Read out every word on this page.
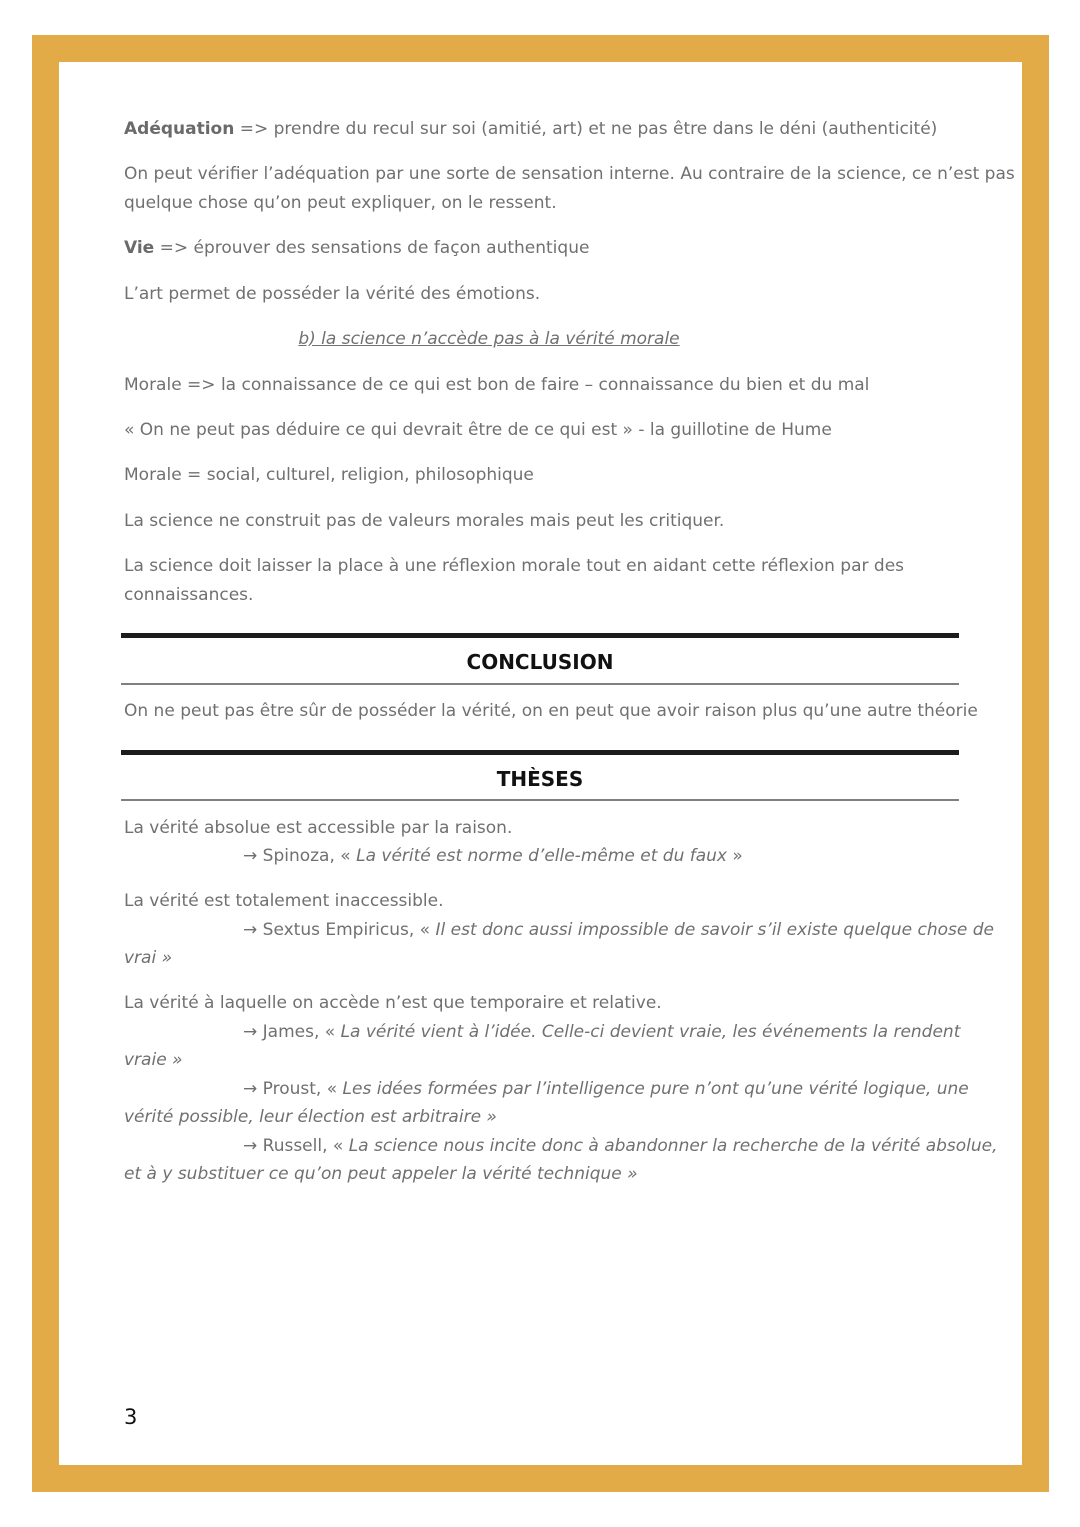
Adéquation => prendre du recul sur soi (amitié, art) et ne pas être dans le déni (authenticité)

On peut vérifier l’adéquation par une sorte de sensation interne. Au contraire de la science, ce n’est pas
quelque chose qu’on peut expliquer, on le ressent.

Vie => éprouver des sensations de façon authentique

L’art permet de posséder la vérité des émotions.

b) la science n’accède pas à la vérité morale

Morale => la connaissance de ce qui est bon de faire – connaissance du bien et du mal

« On ne peut pas déduire ce qui devrait être de ce qui est » - la guillotine de Hume

Morale = social, culturel, religion, philosophique

La science ne construit pas de valeurs morales mais peut les critiquer.

La science doit laisser la place à une réflexion morale tout en aidant cette réflexion par des
connaissances.

CONCLUSION

On ne peut pas être sûr de posséder la vérité, on en peut que avoir raison plus qu’une autre théorie

THÈSES

La vérité absolue est accessible par la raison.

→ Spinoza, « La vérité est norme d’elle-même et du faux »

La vérité est totalement inaccessible.

→ Sextus Empiricus, « Il est donc aussi impossible de savoir s’il existe quelque chose de
vrai »

La vérité à laquelle on accède n’est que temporaire et relative.

→ James, « La vérité vient à l’idée. Celle-ci devient vraie, les événements la rendent
vraie »
→ Proust, « Les idées formées par l’intelligence pure n’ont qu’une vérité logique, une
vérité possible, leur élection est arbitraire »
→ Russell, « La science nous incite donc à abandonner la recherche de la vérité absolue,
et à y substituer ce qu’on peut appeler la vérité technique »
3
